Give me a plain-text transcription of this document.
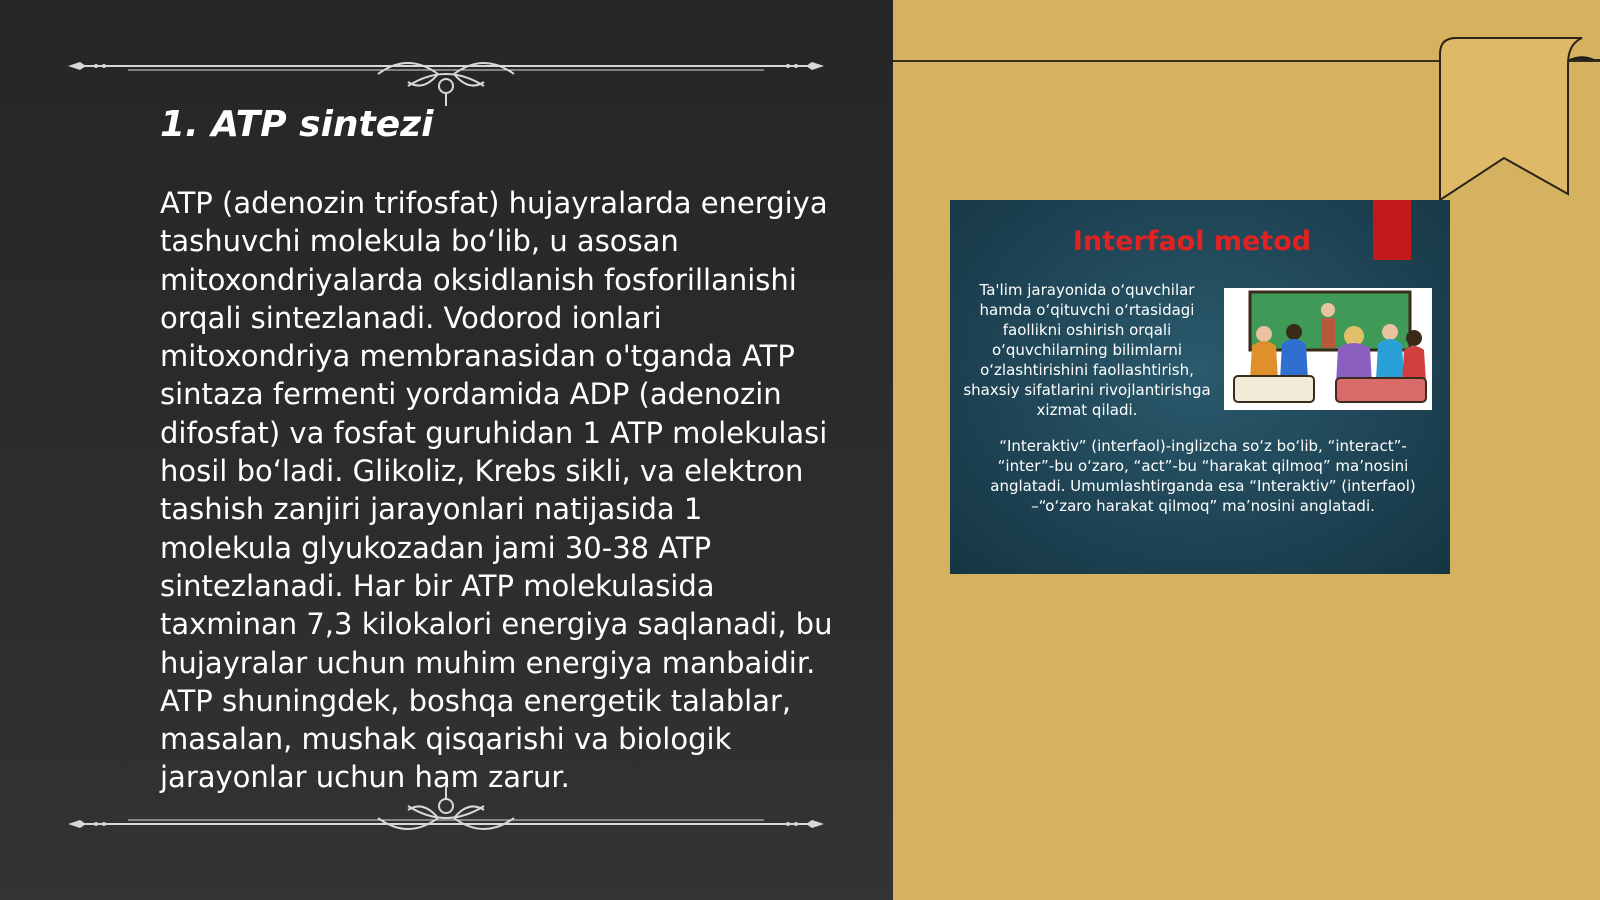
1. ATP sintezi

ATP (adenozin trifosfat) hujayralarda energiya tashuvchi molekula bo‘lib, u asosan mitoxondriyalarda oksidlanish fosforillanishi orqali sintezlanadi. Vodorod ionlari mitoxondriya membranasidan o'tganda ATP sintaza fermenti yordamida ADP (adenozin difosfat) va fosfat guruhidan 1 ATP molekulasi hosil bo‘ladi. Glikoliz, Krebs sikli, va elektron tashish zanjiri jarayonlari natijasida 1 molekula glyukozadan jami 30-38 ATP sintezlanadi. Har bir ATP molekulasida taxminan 7,3 kilokalori energiya saqlanadi, bu hujayralar uchun muhim energiya manbaidir. ATP shuningdek, boshqa energetik talablar, masalan, mushak qisqarishi va biologik jarayonlar uchun ham zarur.

Interfaol metod

Ta'lim jarayonida o‘quvchilar hamda o‘qituvchi o‘rtasidagi faollikni oshirish orqali o‘quvchilarning bilimlarni o‘zlashtirishini faollashtirish, shaxsiy sifatlarini rivojlantirishga xizmat qiladi.

“Interaktiv” (interfaol)-inglizcha so‘z bo‘lib, “interact”- “inter”-bu o‘zaro, “act”-bu “harakat qilmoq” ma’nosini anglatadi. Umumlashtirganda esa “Interaktiv” (interfaol) –“o‘zaro harakat qilmoq” ma’nosini anglatadi.
